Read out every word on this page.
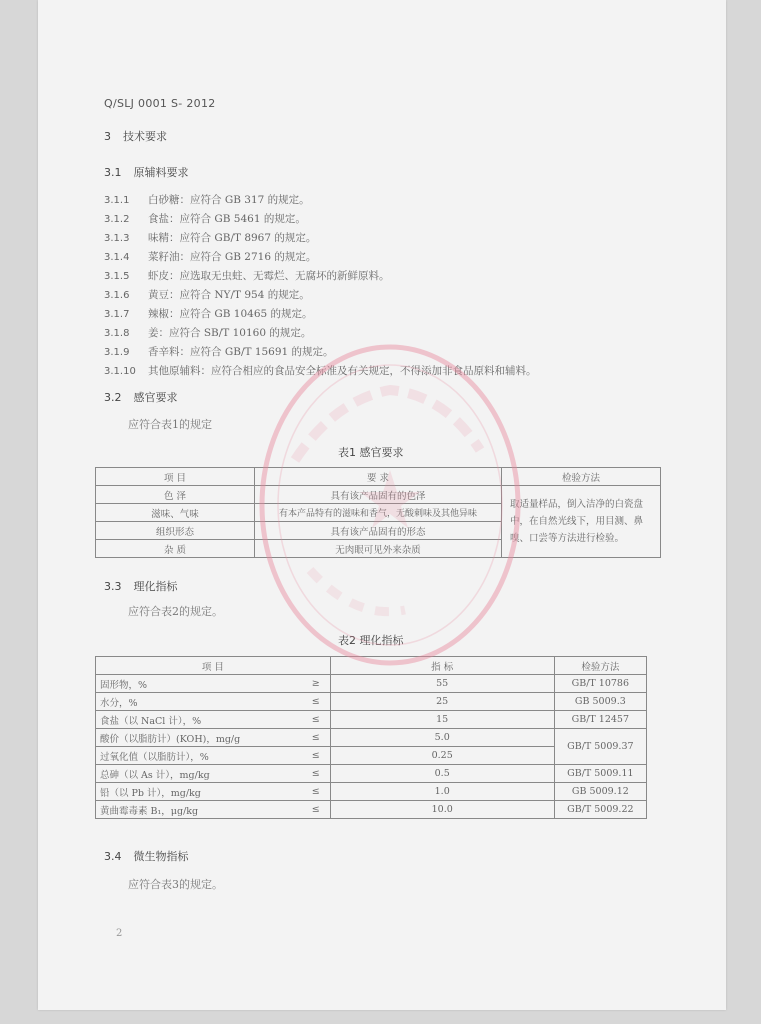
Q/SLJ 0001 S- 2012
3 技术要求
3.1 原辅料要求
3.1.1 白砂糖：应符合 GB 317 的规定。
3.1.2 食盐：应符合 GB 5461 的规定。
3.1.3 味精：应符合 GB/T 8967 的规定。
3.1.4 菜籽油：应符合 GB 2716 的规定。
3.1.5 虾皮：应选取无虫蛀、无霉烂、无腐坏的新鲜原料。
3.1.6 黄豆：应符合 NY/T 954 的规定。
3.1.7 辣椒：应符合 GB 10465 的规定。
3.1.8 姜：应符合 SB/T 10160 的规定。
3.1.9 香辛料：应符合 GB/T 15691 的规定。
3.1.10 其他原辅料：应符合相应的食品安全标准及有关规定，不得添加非食品原料和辅料。
3.2 感官要求
应符合表1的规定
表1 感官要求
项 目	要 求	检验方法
色 泽	具有该产品固有的色泽	取适量样品，倒入洁净的白瓷盘中，在自然光线下，用目测、鼻嗅、口尝等方法进行检验。
滋味、气味	有本产品特有的滋味和香气，无酸刺味及其他异味	
组织形态	具有该产品固有的形态	
杂 质	无肉眼可见外来杂质	
3.3 理化指标
应符合表2的规定。
表2 理化指标
项 目		指 标	检验方法
固形物，%	≥	55	GB/T 10786
水分，%	≤	25	GB 5009.3
食盐（以 NaCl 计），%	≤	15	GB/T 12457
酸价（以脂肪计）(KOH)，mg/g	≤	5.0	GB/T 5009.37
过氧化值（以脂肪计），%	≤	0.25	
总砷（以 As 计），mg/kg	≤	0.5	GB/T 5009.11
铅（以 Pb 计），mg/kg	≤	1.0	GB 5009.12
黄曲霉毒素 B₁，μg/kg	≤	10.0	GB/T 5009.22
3.4 微生物指标
应符合表3的规定。
2
